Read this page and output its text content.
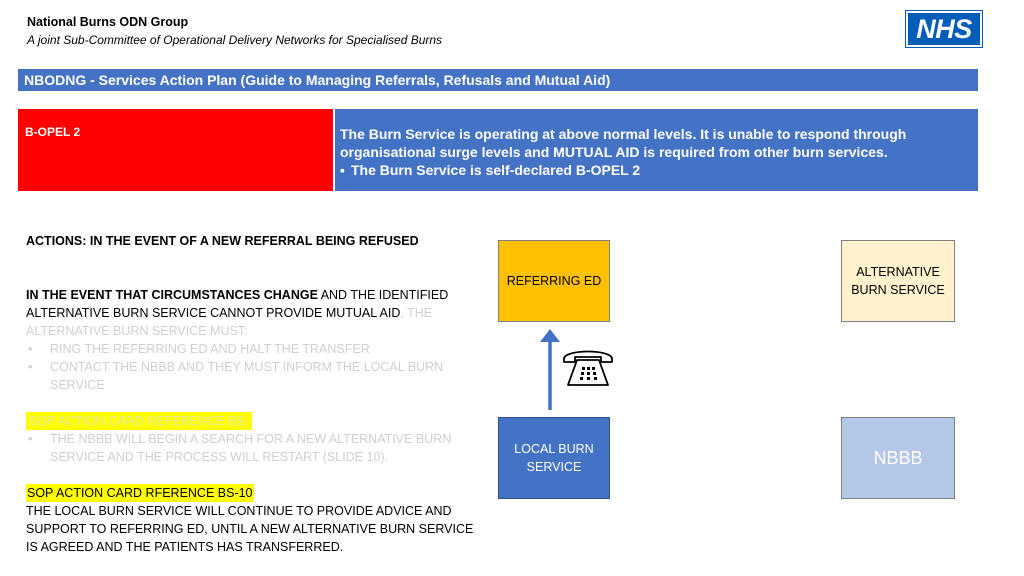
National Burns ODN Group
A joint Sub-Committee of Operational Delivery Networks for Specialised Burns	NHS
NBODNG - Services Action Plan (Guide to Managing Referrals, Refusals and Mutual Aid)
B-OPEL 2	The Burn Service is operating at above normal levels. It is unable to respond through organisational surge levels and MUTUAL AID is required from other burn services.
▪ The Burn Service is self-declared B-OPEL 2
ACTIONS: IN THE EVENT OF A NEW REFERRAL BEING REFUSED
IN THE EVENT THAT CIRCUMSTANCES CHANGE AND THE IDENTIFIED ALTERNATIVE BURN SERVICE CANNOT PROVIDE MUTUAL AID, THE ALTERNATIVE BURN SERVICE MUST:
• RING THE REFERRING ED AND HALT THE TRANSFER
• CONTACT THE NBBB AND THEY MUST INFORM THE LOCAL BURN SERVICE
SOP ACTION CARD REFERENCE BS-
• THE NBBB WILL BEGIN A SEARCH FOR A NEW ALTERNATIVE BURN SERVICE AND THE PROCESS WILL RESTART (SLIDE 10).
SOP ACTION CARD RFERENCE BS-10
THE LOCAL BURN SERVICE WILL CONTINUE TO PROVIDE ADVICE AND SUPPORT TO REFERRING ED, UNTIL A NEW ALTERNATIVE BURN SERVICE IS AGREED AND THE PATIENTS HAS TRANSFERRED.
REFERRING ED
ALTERNATIVE BURN SERVICE
LOCAL BURN SERVICE	NBBB
